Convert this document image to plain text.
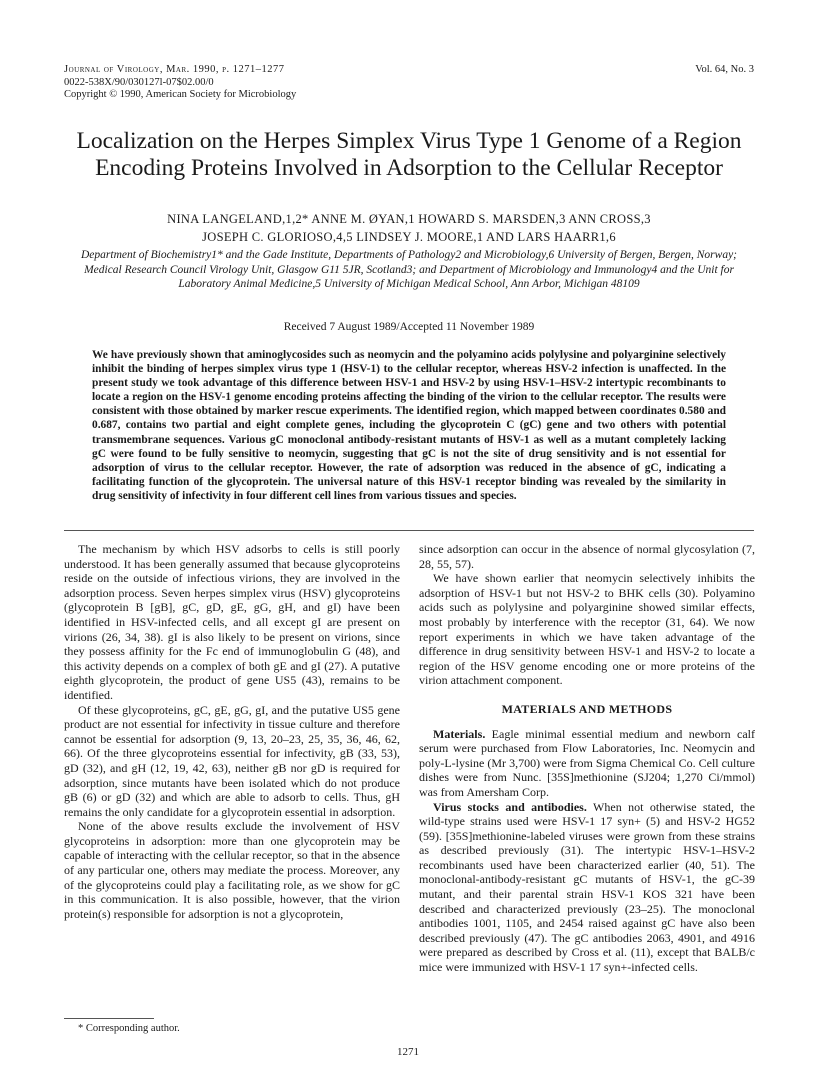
Journal of Virology, Mar. 1990, p. 1271–1277
0022-538X/90/030127l-07$02.00/0
Copyright © 1990, American Society for Microbiology
Vol. 64, No. 3
Localization on the Herpes Simplex Virus Type 1 Genome of a Region Encoding Proteins Involved in Adsorption to the Cellular Receptor
NINA LANGELAND,1,2* ANNE M. ØYAN,1 HOWARD S. MARSDEN,3 ANN CROSS,3
JOSEPH C. GLORIOSO,4,5 LINDSEY J. MOORE,1 AND LARS HAARR1,6
Department of Biochemistry1* and the Gade Institute, Departments of Pathology2 and Microbiology,6 University of Bergen, Bergen, Norway; Medical Research Council Virology Unit, Glasgow G11 5JR, Scotland3; and Department of Microbiology and Immunology4 and the Unit for Laboratory Animal Medicine,5 University of Michigan Medical School, Ann Arbor, Michigan 48109
Received 7 August 1989/Accepted 11 November 1989
We have previously shown that aminoglycosides such as neomycin and the polyamino acids polylysine and polyarginine selectively inhibit the binding of herpes simplex virus type 1 (HSV-1) to the cellular receptor, whereas HSV-2 infection is unaffected. In the present study we took advantage of this difference between HSV-1 and HSV-2 by using HSV-1–HSV-2 intertypic recombinants to locate a region on the HSV-1 genome encoding proteins affecting the binding of the virion to the cellular receptor. The results were consistent with those obtained by marker rescue experiments. The identified region, which mapped between coordinates 0.580 and 0.687, contains two partial and eight complete genes, including the glycoprotein C (gC) gene and two others with potential transmembrane sequences. Various gC monoclonal antibody-resistant mutants of HSV-1 as well as a mutant completely lacking gC were found to be fully sensitive to neomycin, suggesting that gC is not the site of drug sensitivity and is not essential for adsorption of virus to the cellular receptor. However, the rate of adsorption was reduced in the absence of gC, indicating a facilitating function of the glycoprotein. The universal nature of this HSV-1 receptor binding was revealed by the similarity in drug sensitivity of infectivity in four different cell lines from various tissues and species.

The mechanism by which HSV adsorbs to cells is still poorly understood. It has been generally assumed that because glycoproteins reside on the outside of infectious virions, they are involved in the adsorption process. Seven herpes simplex virus (HSV) glycoproteins (glycoprotein B [gB], gC, gD, gE, gG, gH, and gI) have been identified in HSV-infected cells, and all except gI are present on virions (26, 34, 38). gI is also likely to be present on virions, since they possess affinity for the Fc end of immunoglobulin G (48), and this activity depends on a complex of both gE and gI (27). A putative eighth glycoprotein, the product of gene US5 (43), remains to be identified.

Of these glycoproteins, gC, gE, gG, gI, and the putative US5 gene product are not essential for infectivity in tissue culture and therefore cannot be essential for adsorption (9, 13, 20–23, 25, 35, 36, 46, 62, 66). Of the three glycoproteins essential for infectivity, gB (33, 53), gD (32), and gH (12, 19, 42, 63), neither gB nor gD is required for adsorption, since mutants have been isolated which do not produce gB (6) or gD (32) and which are able to adsorb to cells. Thus, gH remains the only candidate for a glycoprotein essential in adsorption.

None of the above results exclude the involvement of HSV glycoproteins in adsorption: more than one glycoprotein may be capable of interacting with the cellular receptor, so that in the absence of any particular one, others may mediate the process. Moreover, any of the glycoproteins could play a facilitating role, as we show for gC in this communication. It is also possible, however, that the virion protein(s) responsible for adsorption is not a glycoprotein,

since adsorption can occur in the absence of normal glycosylation (7, 28, 55, 57).

We have shown earlier that neomycin selectively inhibits the adsorption of HSV-1 but not HSV-2 to BHK cells (30). Polyamino acids such as polylysine and polyarginine showed similar effects, most probably by interference with the receptor (31, 64). We now report experiments in which we have taken advantage of the difference in drug sensitivity between HSV-1 and HSV-2 to locate a region of the HSV genome encoding one or more proteins of the virion attachment component.

MATERIALS AND METHODS

Materials. Eagle minimal essential medium and newborn calf serum were purchased from Flow Laboratories, Inc. Neomycin and poly-L-lysine (Mr 3,700) were from Sigma Chemical Co. Cell culture dishes were from Nunc. [35S]methionine (SJ204; 1,270 Ci/mmol) was from Amersham Corp.

Virus stocks and antibodies. When not otherwise stated, the wild-type strains used were HSV-1 17 syn+ (5) and HSV-2 HG52 (59). [35S]methionine-labeled viruses were grown from these strains as described previously (31). The intertypic HSV-1–HSV-2 recombinants used have been characterized earlier (40, 51). The monoclonal-antibody-resistant gC mutants of HSV-1, the gC-39 mutant, and their parental strain HSV-1 KOS 321 have been described and characterized previously (23–25). The monoclonal antibodies 1001, 1105, and 2454 raised against gC have also been described previously (47). The gC antibodies 2063, 4901, and 4916 were prepared as described by Cross et al. (11), except that BALB/c mice were immunized with HSV-1 17 syn+-infected cells.

* Corresponding author.
1271
